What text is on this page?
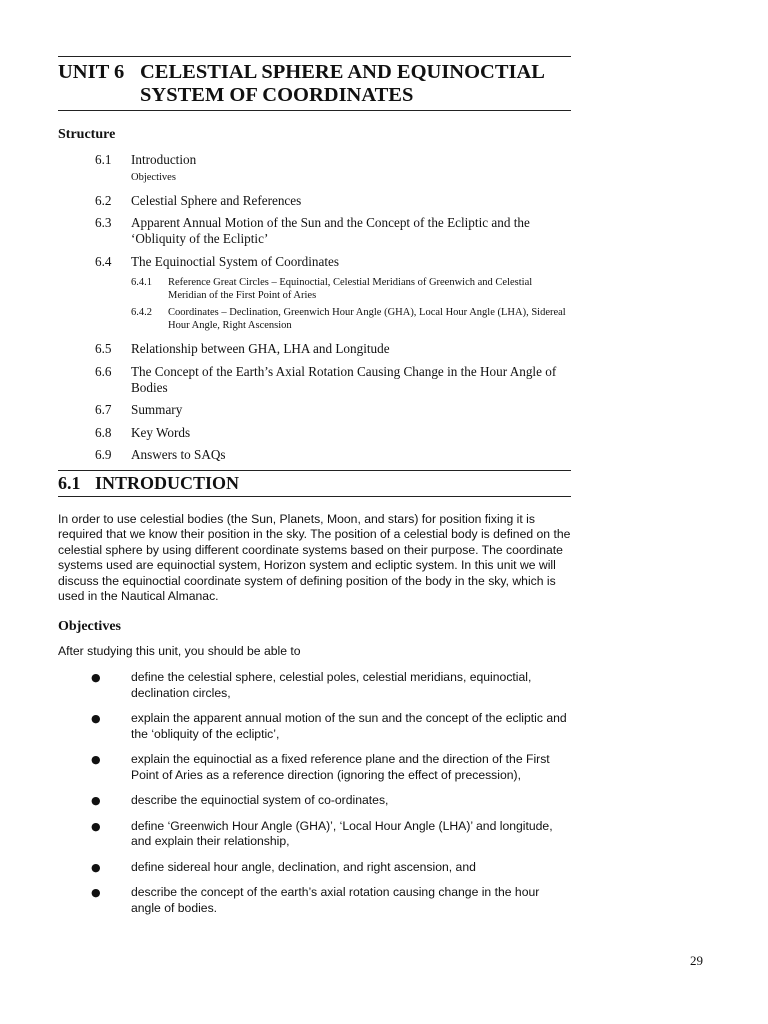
UNIT 6 CELESTIAL SPHERE AND EQUINOCTIAL
SYSTEM OF COORDINATES
Structure
6.1	Introduction
Objectives
6.2	Celestial Sphere and References
6.3	Apparent Annual Motion of the Sun and the Concept of the Ecliptic and the ‘Obliquity of the Ecliptic’
6.4	The Equinoctial System of Coordinates
6.4.1	Reference Great Circles – Equinoctial, Celestial Meridians of Greenwich and Celestial Meridian of the First Point of Aries
6.4.2	Coordinates – Declination, Greenwich Hour Angle (GHA), Local Hour Angle (LHA), Sidereal Hour Angle, Right Ascension
6.5	Relationship between GHA, LHA and Longitude
6.6	The Concept of the Earth’s Axial Rotation Causing Change in the Hour Angle of Bodies
6.7	Summary
6.8	Key Words
6.9	Answers to SAQs
6.1 INTRODUCTION

In order to use celestial bodies (the Sun, Planets, Moon, and stars) for position fixing it is required that we know their position in the sky. The position of a celestial body is defined on the celestial sphere by using different coordinate systems based on their purpose. The coordinate systems used are equinoctial system, Horizon system and ecliptic system. In this unit we will discuss the equinoctial coordinate system of defining position of the body in the sky, which is used in the Nautical Almanac.

Objectives
After studying this unit, you should be able to
●	define the celestial sphere, celestial poles, celestial meridians, equinoctial, declination circles,
●	explain the apparent annual motion of the sun and the concept of the ecliptic and the ‘obliquity of the ecliptic’,
●	explain the equinoctial as a fixed reference plane and the direction of the First Point of Aries as a reference direction (ignoring the effect of precession),
●	describe the equinoctial system of co-ordinates,
●	define ‘Greenwich Hour Angle (GHA)’, ‘Local Hour Angle (LHA)’ and longitude, and explain their relationship,
●	define sidereal hour angle, declination, and right ascension, and
●	describe the concept of the earth’s axial rotation causing change in the hour angle of bodies.
29
